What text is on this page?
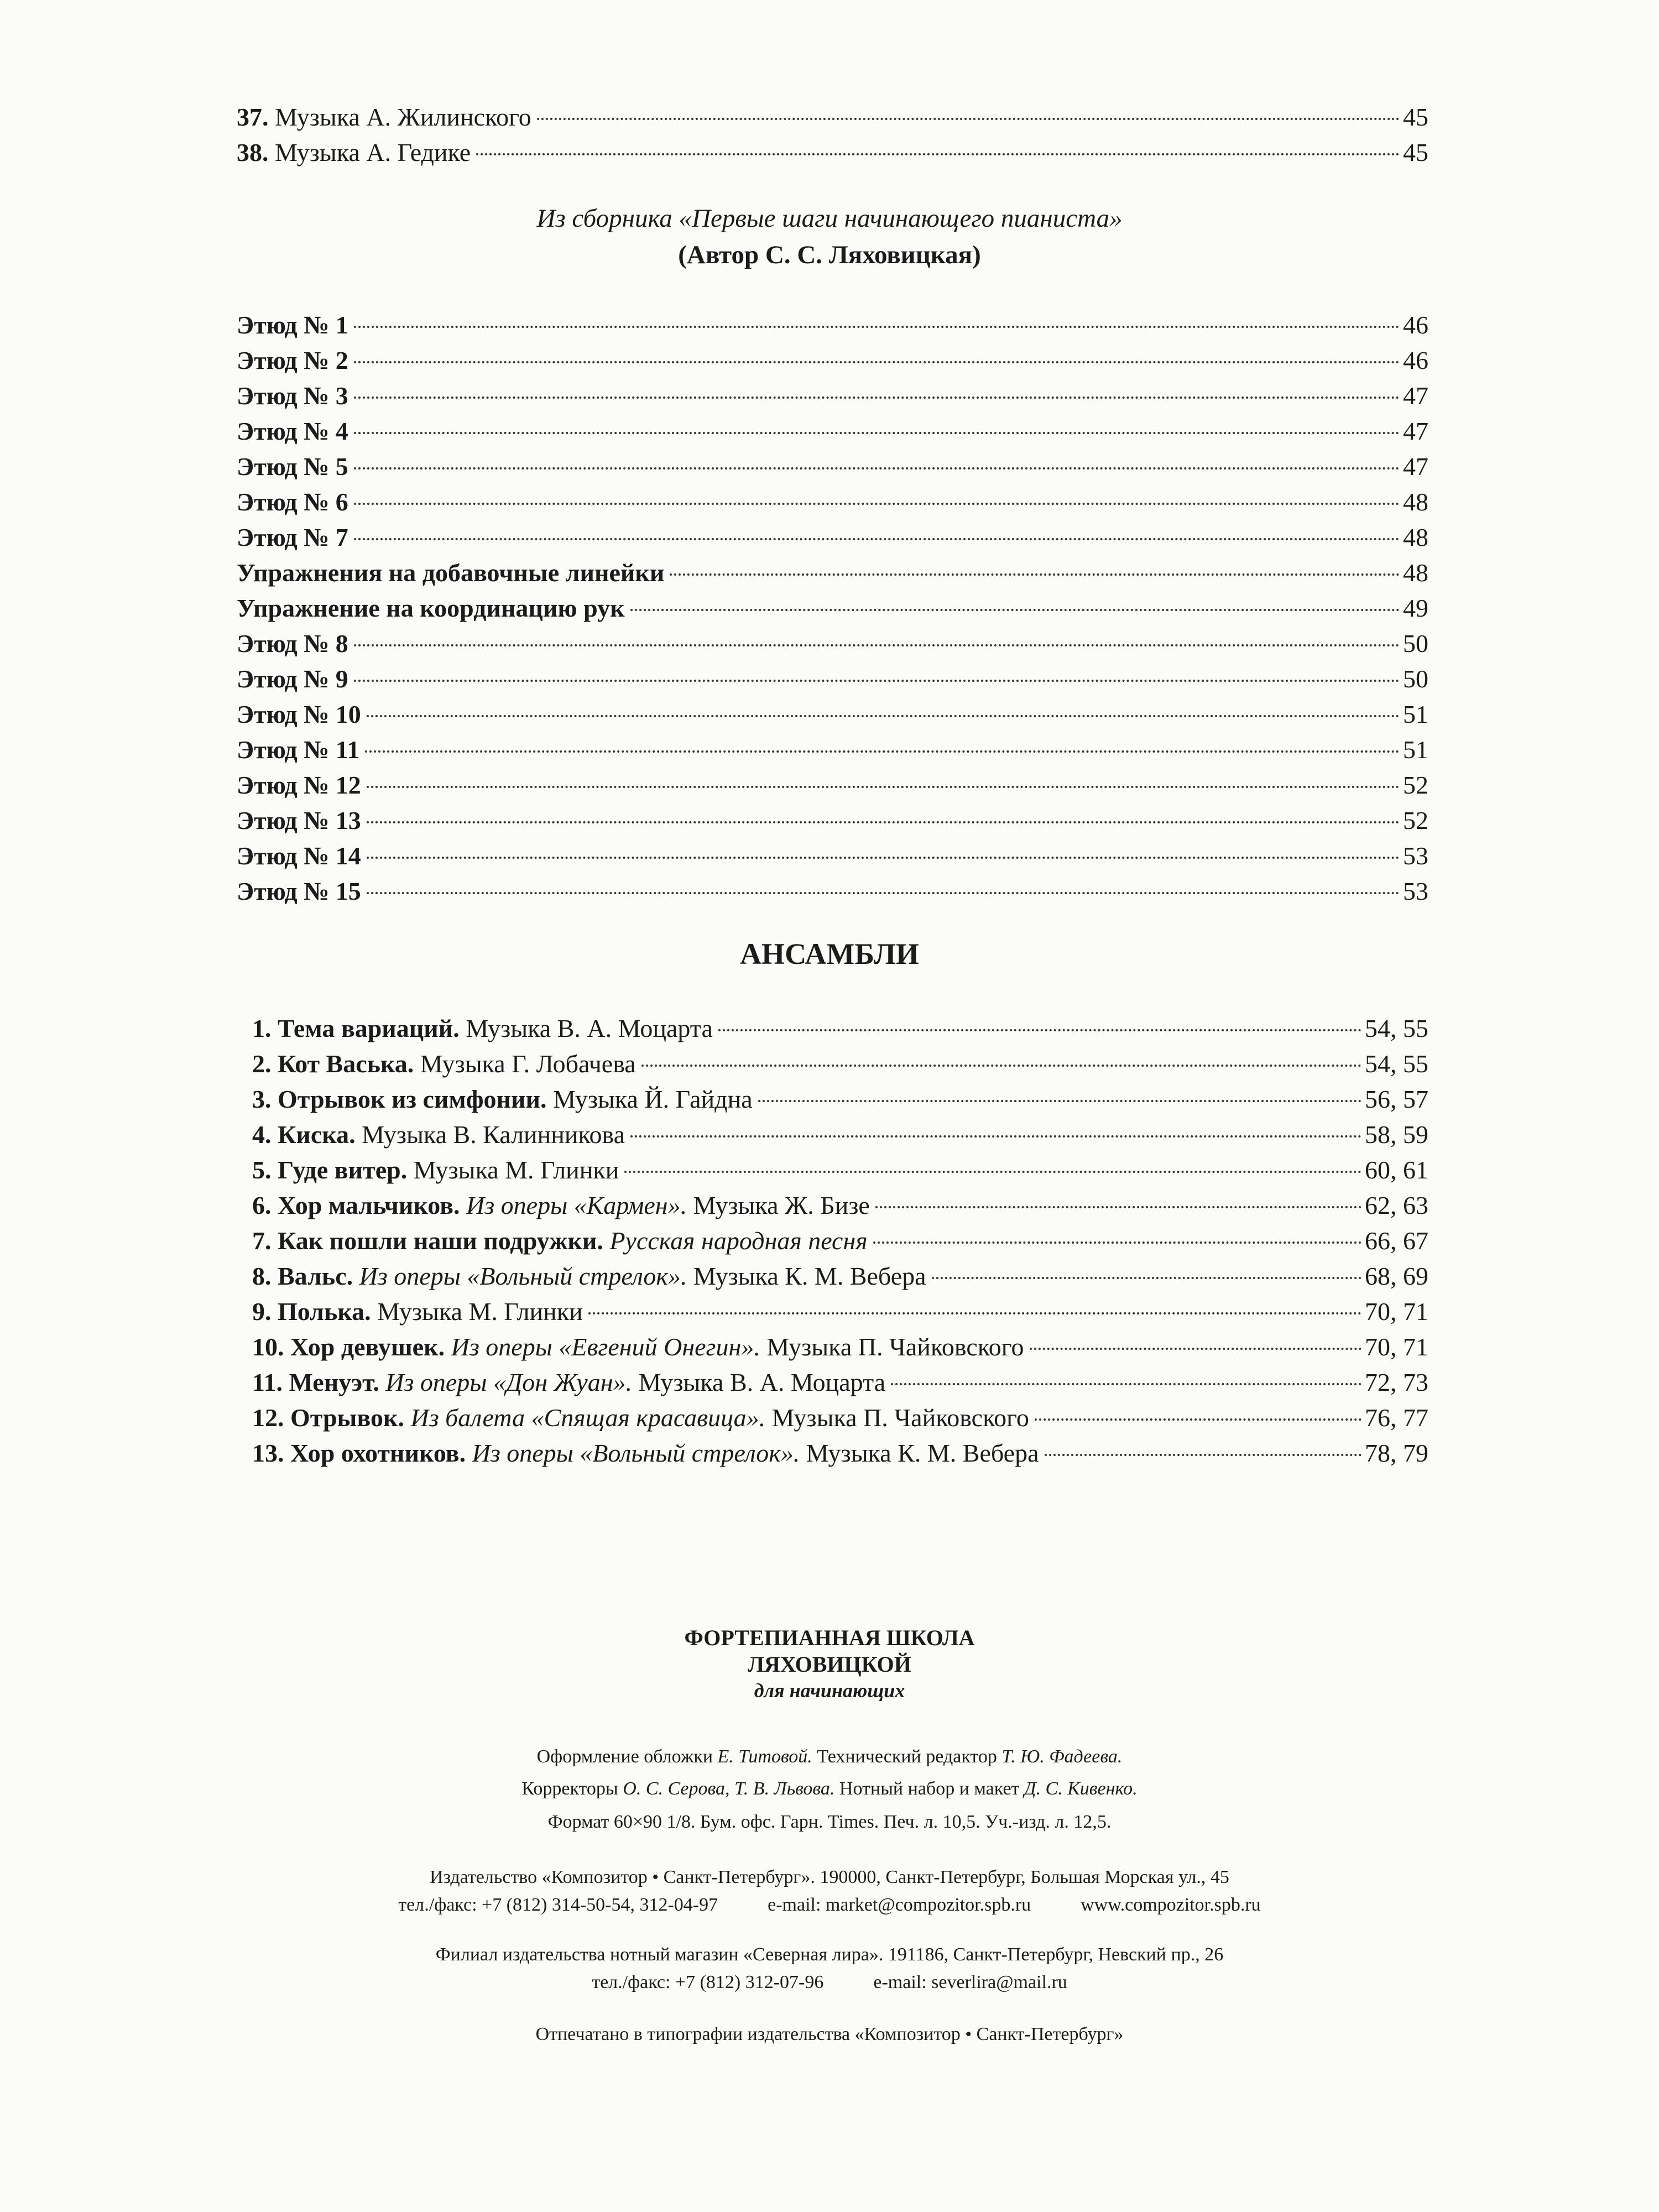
37. Музыка А. Жилинского	45
38. Музыка А. Гедике	45
Из сборника «Первые шаги начинающего пианиста»
(Автор С. С. Ляховицкая)
Этюд № 1	46
Этюд № 2	46
Этюд № 3	47
Этюд № 4	47
Этюд № 5	47
Этюд № 6	48
Этюд № 7	48
Упражнения на добавочные линейки	48
Упражнение на координацию рук	49
Этюд № 8	50
Этюд № 9	50
Этюд № 10	51
Этюд № 11	51
Этюд № 12	52
Этюд № 13	52
Этюд № 14	53
Этюд № 15	53
АНСАМБЛИ
1. Тема вариаций. Музыка В. А. Моцарта	54, 55
2. Кот Васька. Музыка Г. Лобачева	54, 55
3. Отрывок из симфонии. Музыка Й. Гайдна	56, 57
4. Киска. Музыка В. Калинникова	58, 59
5. Гуде витер. Музыка М. Глинки	60, 61
6. Хор мальчиков. Из оперы «Кармен». Музыка Ж. Бизе	62, 63
7. Как пошли наши подружки. Русская народная песня	66, 67
8. Вальс. Из оперы «Вольный стрелок». Музыка К. М. Вебера	68, 69
9. Полька. Музыка М. Глинки	70, 71
10. Хор девушек. Из оперы «Евгений Онегин». Музыка П. Чайковского	70, 71
11. Менуэт. Из оперы «Дон Жуан». Музыка В. А. Моцарта	72, 73
12. Отрывок. Из балета «Спящая красавица». Музыка П. Чайковского	76, 77
13. Хор охотников. Из оперы «Вольный стрелок». Музыка К. М. Вебера	78, 79
ФОРТЕПИАННАЯ ШКОЛА
ЛЯХОВИЦКОЙ
для начинающих
Оформление обложки Е. Титовой. Технический редактор Т. Ю. Фадеева.
Корректоры О. С. Серова, Т. В. Львова. Нотный набор и макет Д. С. Кивенко.
Формат 60×90 1/8. Бум. офс. Гарн. Times. Печ. л. 10,5. Уч.-изд. л. 12,5.
Издательство «Композитор • Санкт-Петербург». 190000, Санкт-Петербург, Большая Морская ул., 45
тел./факс: +7 (812) 314-50-54, 312-04-97	e-mail: market@compozitor.spb.ru	www.compozitor.spb.ru
Филиал издательства нотный магазин «Северная лира». 191186, Санкт-Петербург, Невский пр., 26
тел./факс: +7 (812) 312-07-96	e-mail: severlira@mail.ru
Отпечатано в типографии издательства «Композитор • Санкт-Петербург»
